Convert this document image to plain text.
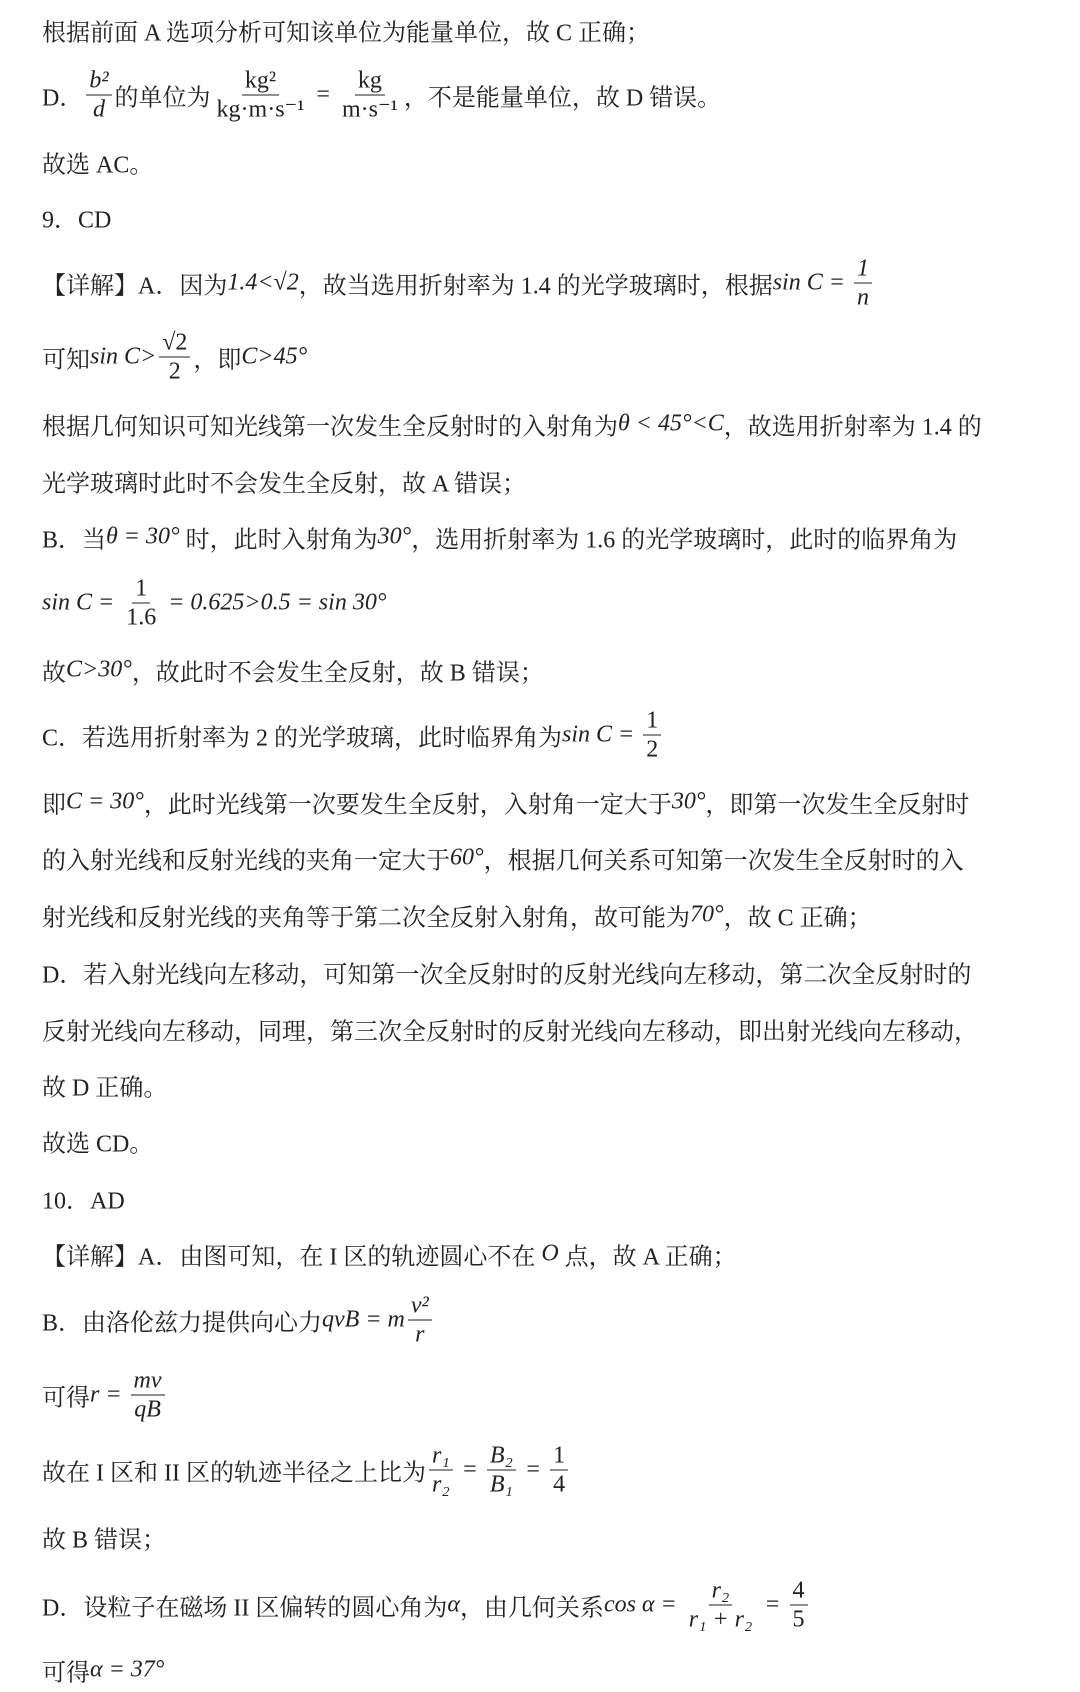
根据前面 A 选项分析可知该单位为能量单位，故 C 正确；
D． $\frac{\text{b²}}{d}$ 的单位为 $\frac{\text{kg²}}{\text{kg·m·s⁻¹}} = \frac{kg}{\text{m·s⁻¹}}$ ，不是能量单位，故 D 错误。
故选 AC。
9．CD
【详解】A．因为 1.4<√2 ，故当选用折射率为 1.4 的光学玻璃时，根据 $\sin C = \frac{1}{n}$
可知 $\sin C> \frac{√2}{2}$ ，即 C>45°
根据几何知识可知光线第一次发生全反射时的入射角为 θ < 45°<C ，故选用折射率为 1.4 的
光学玻璃时此时不会发生全反射，故 A 错误；
B．当 θ = 30° 时，此时入射角为 30° ，选用折射率为 1.6 的光学玻璃时，此时的临界角为
$\sin C = \frac{1}{1.6} = 0.625>0.5 = \sin 30^\circ$
故 C>30° ，故此时不会发生全反射，故 B 错误；
C．若选用折射率为 2 的光学玻璃，此时临界角为 $\sin C = \frac{1}{2}$
即 C = 30° ，此时光线第一次要发生全反射，入射角一定大于 30° ，即第一次发生全反射时
的入射光线和反射光线的夹角一定大于 60° ，根据几何关系可知第一次发生全反射时的入
射光线和反射光线的夹角等于第二次全反射入射角，故可能为 70° ，故 C 正确；
D．若入射光线向左移动，可知第一次全反射时的反射光线向左移动，第二次全反射时的
反射光线向左移动，同理，第三次全反射时的反射光线向左移动，即出射光线向左移动，
故 D 正确。
故选 CD。
10．AD
【详解】A．由图可知，在 I 区的轨迹圆心不在 O 点，故 A 正确；
B．由洛伦兹力提供向心力 qvB = m $\frac{\text{v²}}{r}$
可得 $r = \frac{mv}{qB}$
故在 I 区和 II 区的轨迹半径之上比为 $\frac{\text{r₁}}{\text{r₂}} = \frac{\text{B₂}}{\text{B₁}} = \frac{1}{4}$
故 B 错误；
D．设粒子在磁场 II 区偏转的圆心角为 α ，由几何关系 $\cos \alpha = \frac{\text{r₂}}{\text{r₁ + r₂}} = \frac{4}{5}$
可得 α = 37°
